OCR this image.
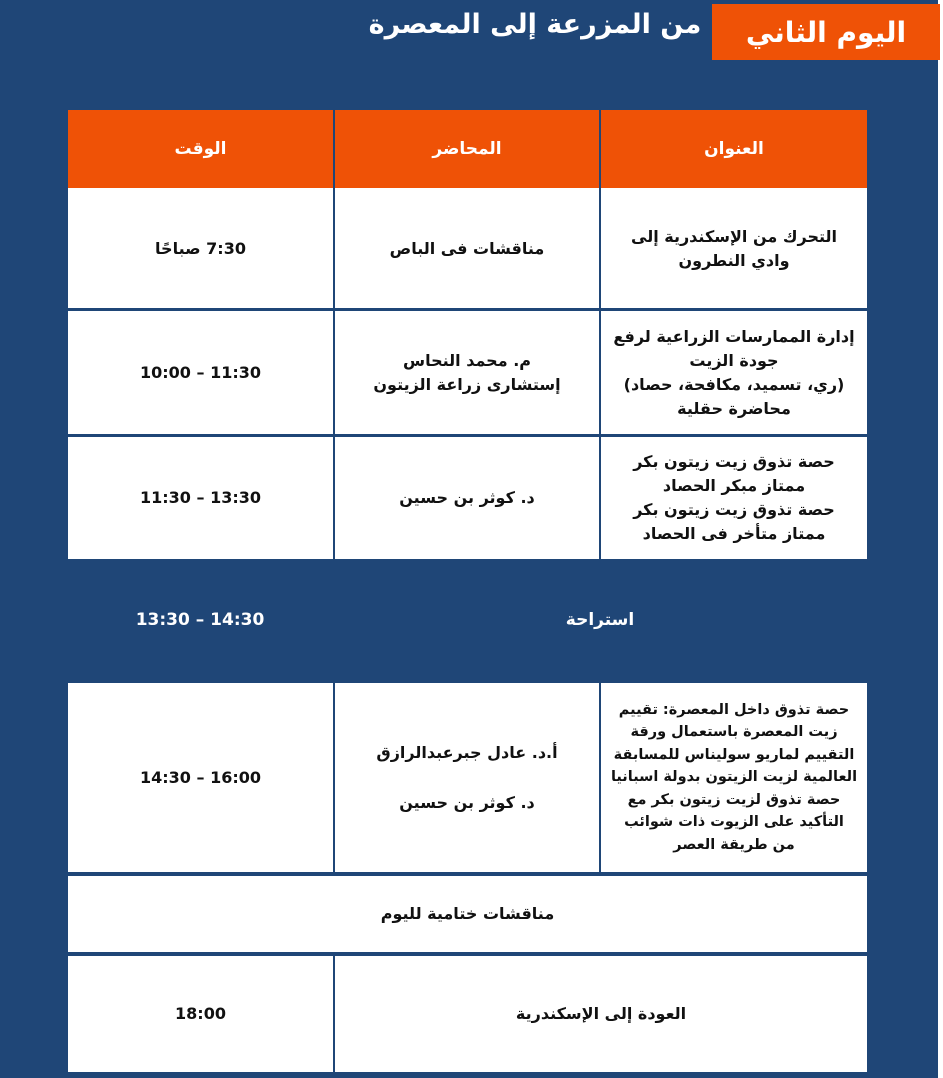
اليوم الثاني
من المزرعة إلى المعصرة
العنوان
المحاضر
الوقت
التحرك من الإسكندرية إلى
وادي النطرون
مناقشات فى الباص
7:30 صباحًا
إدارة الممارسات الزراعية لرفع
جودة الزيت
(ري، تسميد، مكافحة، حصاد)
محاضرة حقلية
م. محمد النحاس
إستشارى زراعة الزيتون
10:00 – 11:30
حصة تذوق زيت زيتون بكر
ممتاز مبكر الحصاد
حصة تذوق زيت زيتون بكر
ممتاز متأخر فى الحصاد
د. كوثر بن حسين
11:30 – 13:30
استراحة
13:30 – 14:30
حصة تذوق داخل المعصرة: تقييم
زيت المعصرة باستعمال ورقة
التقييم لماريو سولیناس للمسابقة
العالمية لزيت الزيتون بدولة اسبانيا
حصة تذوق لزيت زيتون بكر مع
التأكيد على الزيوت ذات شوائب
من طريقة العصر
أ.د. عادل جبرعبدالرازق
د. كوثر بن حسين
14:30 – 16:00
مناقشات ختامية لليوم
العودة إلى الإسكندرية
18:00
